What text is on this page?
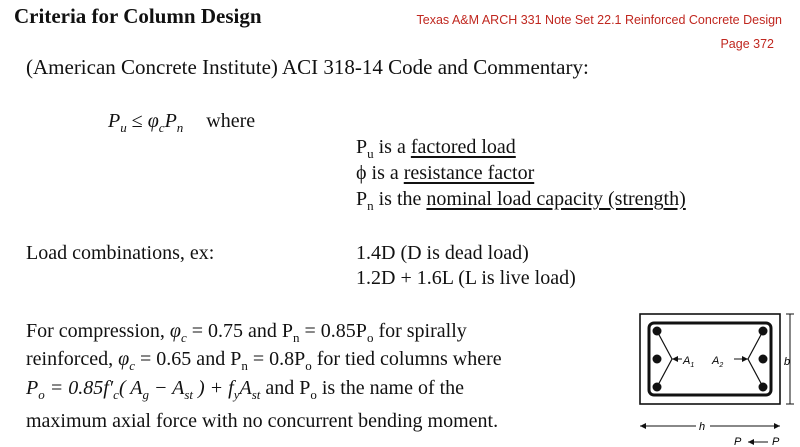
Criteria for Column Design	Texas A&M ARCH 331 Note Set 22.1 Reinforced Concrete Design
Page 372
(American Concrete Institute) ACI 318-14 Code and Commentary:
$P_u \le \varphi_cP_n$ where
$P_u$ is a factored load
ϕ is a resistance factor
$P_n$ is the nominal load capacity (strength)
Load combinations, ex:	1.4D (D is dead load)
1.2D + 1.6L (L is live load)
For compression, $\varphi_c = 0.75$ and $P_n = 0.85P_o$ for spirally
reinforced, $\varphi_c = 0.65$ and $P_n = 0.8P_o$ for tied columns where
$P_o = 0.85f'_c$( $A_g - A_{st}$ ) + $f_yA_{st}$ and $P_o$ is the name of the
maximum axial force with no concurrent bending moment.
$A_1$ $A_2$	b
h
P	P
